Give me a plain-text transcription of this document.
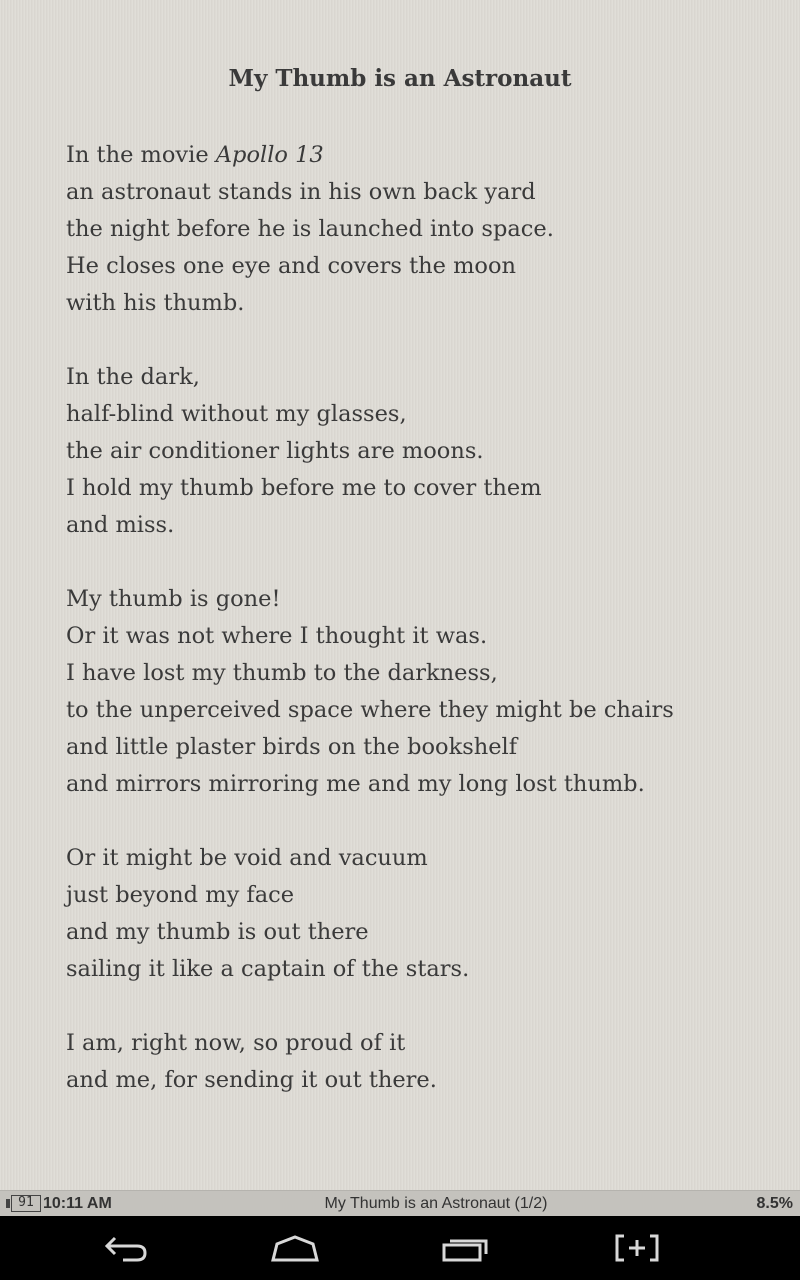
My Thumb is an Astronaut
In the movie Apollo 13
an astronaut stands in his own back yard
the night before he is launched into space.
He closes one eye and covers the moon
with his thumb.
In the dark,
half-blind without my glasses,
the air conditioner lights are moons.
I hold my thumb before me to cover them
and miss.
My thumb is gone!
Or it was not where I thought it was.
I have lost my thumb to the darkness,
to the unperceived space where they might be chairs
and little plaster birds on the bookshelf
and mirrors mirroring me and my long lost thumb.
Or it might be void and vacuum
just beyond my face
and my thumb is out there
sailing it like a captain of the stars.
I am, right now, so proud of it
and me, for sending it out there.
91 10:11 AM	My Thumb is an Astronaut (1/2)	8.5%
